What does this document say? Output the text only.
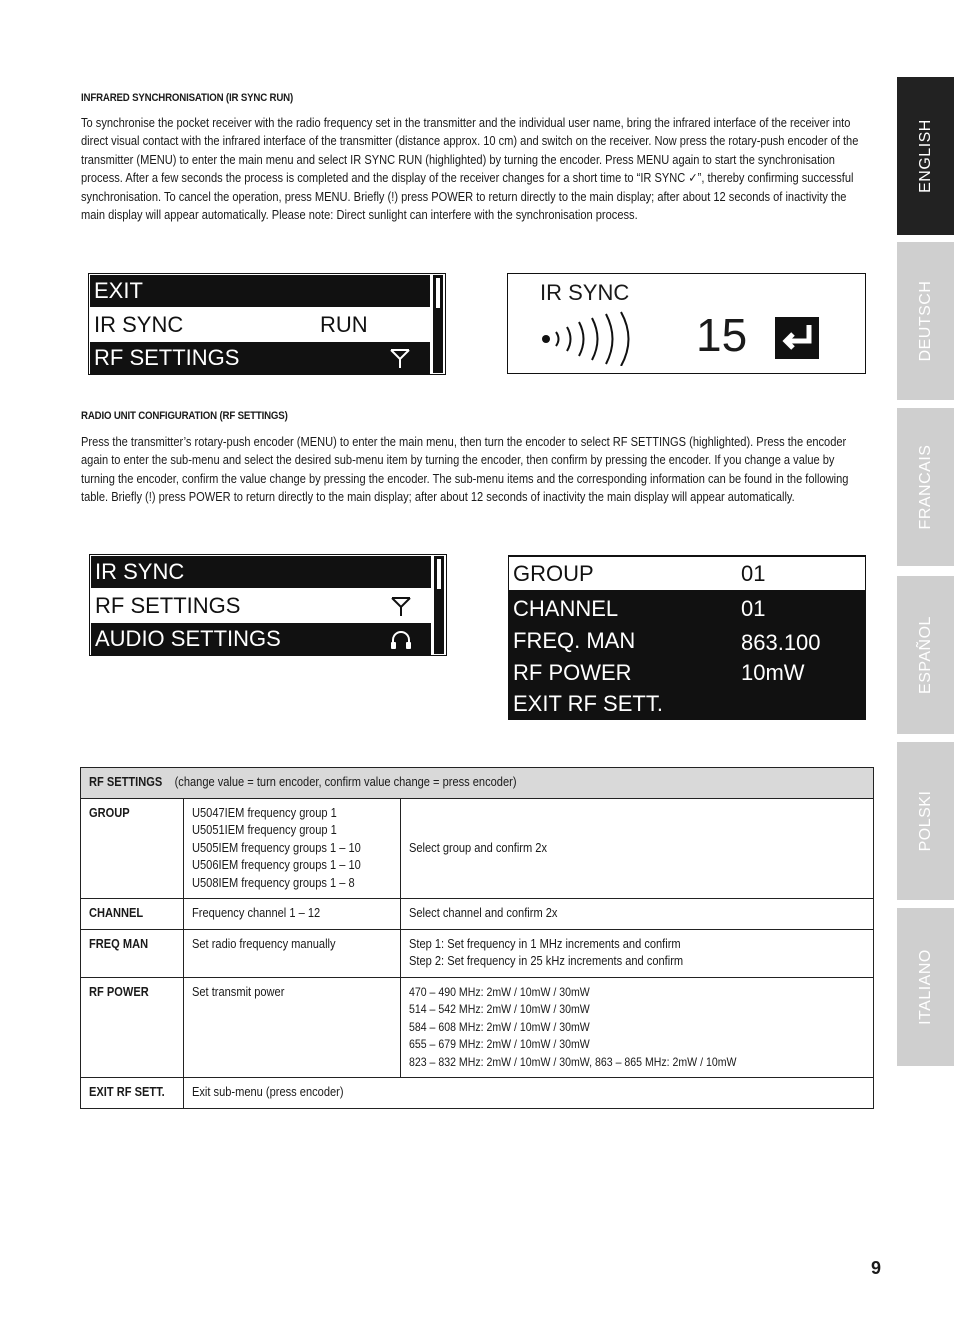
INFRARED SYNCHRONISATION (IR SYNC RUN)

To synchronise the pocket receiver with the radio frequency set in the transmitter and the individual user name, bring the infrared interface of the receiver into direct visual contact with the infrared interface of the transmitter (distance approx. 10 cm) and switch on the receiver. Now press the rotary-push encoder of the transmitter (MENU) to enter the main menu and select IR SYNC RUN (highlighted) by turning the encoder. Press MENU again to start the synchronisation process. After a few seconds the process is completed and the display of the receiver changes for a short time to “IR SYNC ✓”, thereby confirming successful synchronisation. To cancel the operation, press MENU. Briefly (!) press POWER to return directly to the main display; after about 12 seconds of inactivity the main display will appear automatically. Please note: Direct sunlight can interfere with the synchronisation process.

EXIT
IR SYNC	RUN
RF SETTINGS
IR SYNC
15
RADIO UNIT CONFIGURATION (RF SETTINGS)

Press the transmitter’s rotary-push encoder (MENU) to enter the main menu, then turn the encoder to select RF SETTINGS (highlighted). Press the encoder again to enter the sub-menu and select the desired sub-menu item by turning the encoder, then confirm by pressing the encoder. If you change a value by turning the encoder, confirm the value change by pressing the encoder. The sub-menu items and the corresponding information can be found in the following table. Briefly (!) press POWER to return directly to the main display; after about 12 seconds of inactivity the main display will appear automatically.

IR SYNC
RF SETTINGS
AUDIO SETTINGS
GROUP	01
CHANNEL	01
FREQ. MAN	863.100
RF POWER	10mW
EXIT RF SETT.
RF SETTINGS (change value = turn encoder, confirm value change = press encoder)		
GROUP	U5047IEM frequency group 1
U5051IEM frequency group 1
U505IEM frequency groups 1 – 10
U506IEM frequency groups 1 – 10
U508IEM frequency groups 1 – 8	Select group and confirm 2x
CHANNEL	Frequency channel 1 – 12	Select channel and confirm 2x
FREQ MAN	Set radio frequency manually	Step 1: Set frequency in 1 MHz increments and confirm
Step 2: Set frequency in 25 kHz increments and confirm
RF POWER	Set transmit power	470 – 490 MHz: 2mW / 10mW / 30mW
514 – 542 MHz: 2mW / 10mW / 30mW
584 – 608 MHz: 2mW / 10mW / 30mW
655 – 679 MHz: 2mW / 10mW / 30mW
823 – 832 MHz: 2mW / 10mW / 30mW, 863 – 865 MHz: 2mW / 10mW
EXIT RF SETT.	Exit sub-menu (press encoder)	
ENGLISH
DEUTSCH
FRANCAIS
ESPAÑOL
POLSKI
ITALIANO
9
